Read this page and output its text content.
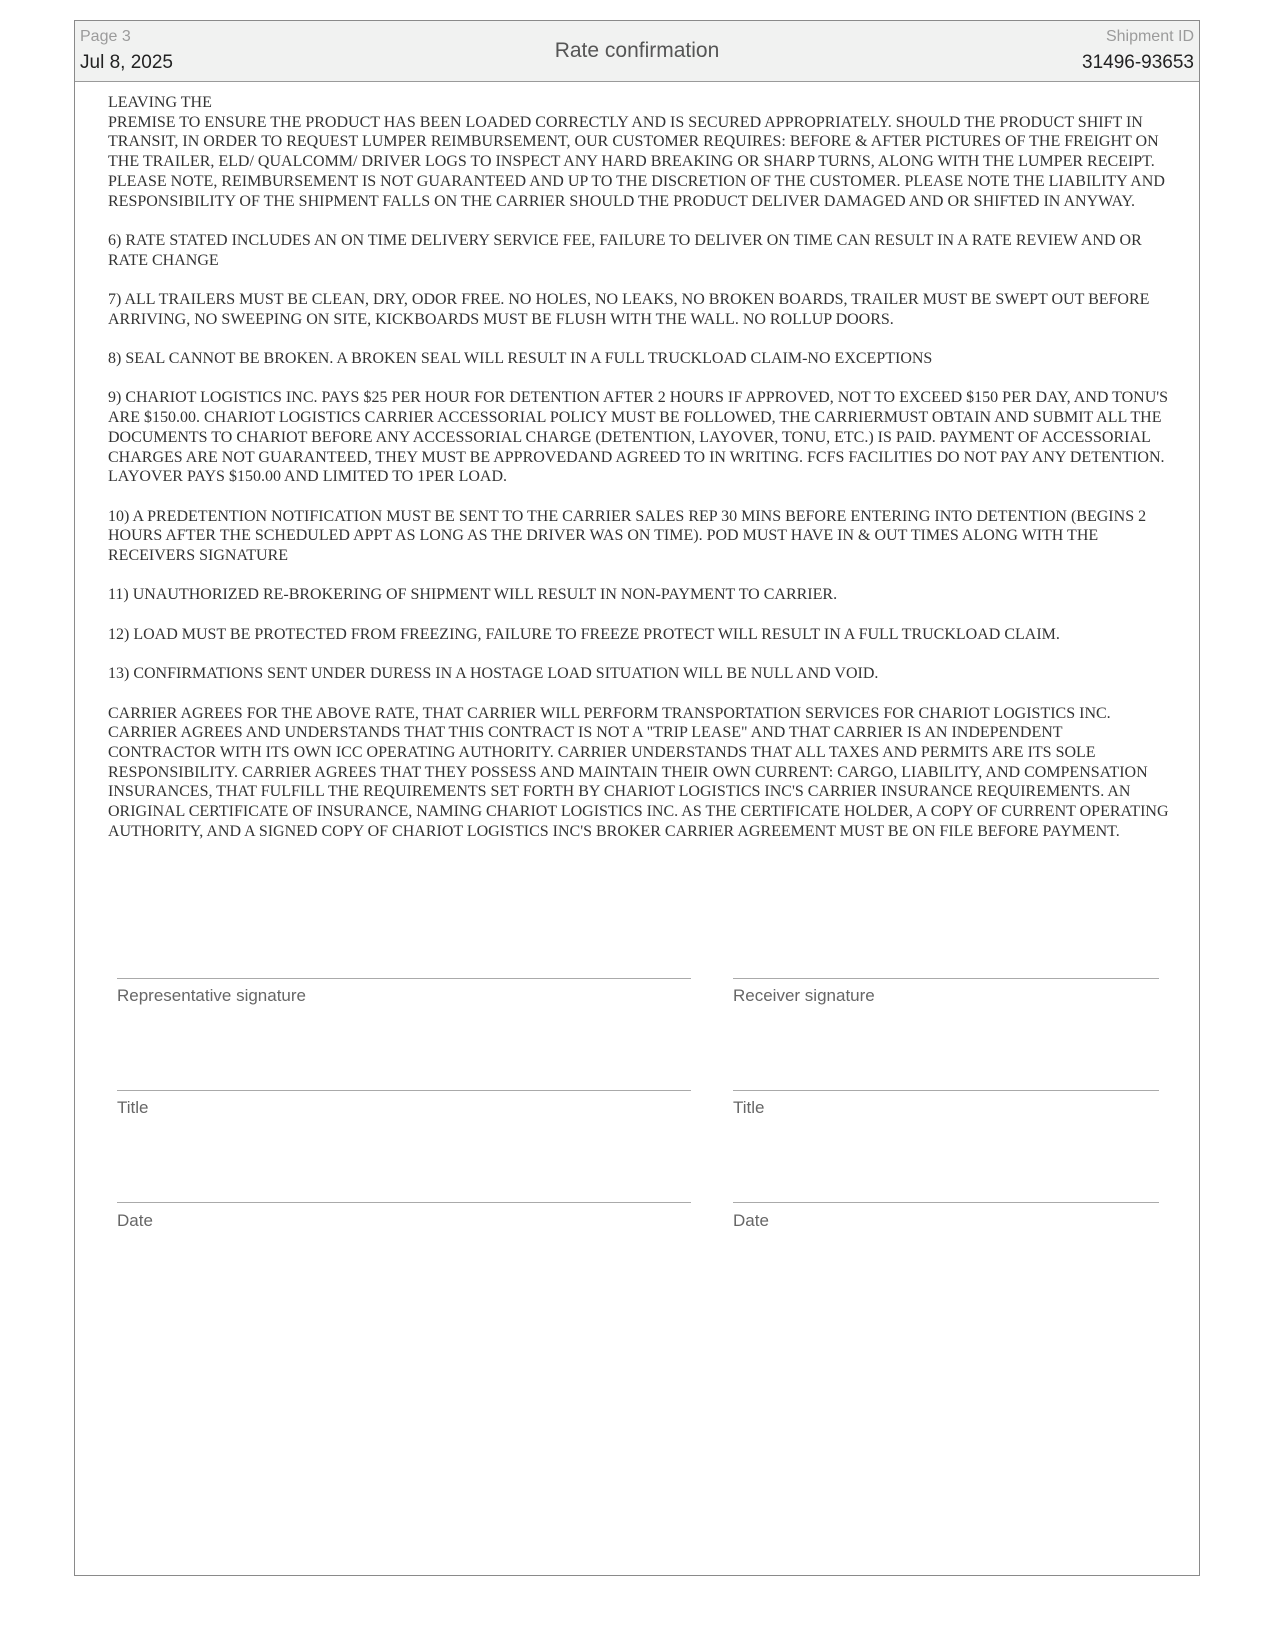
Page 3
Jul 8, 2025
Rate confirmation
Shipment ID
31496-93653

LEAVING THE

PREMISE TO ENSURE THE PRODUCT HAS BEEN LOADED CORRECTLY AND IS SECURED APPROPRIATELY. SHOULD THE PRODUCT SHIFT IN TRANSIT, IN ORDER TO REQUEST LUMPER REIMBURSEMENT, OUR CUSTOMER REQUIRES: BEFORE & AFTER PICTURES OF THE FREIGHT ON THE TRAILER, ELD/ QUALCOMM/ DRIVER LOGS TO INSPECT ANY HARD BREAKING OR SHARP TURNS, ALONG WITH THE LUMPER RECEIPT. PLEASE NOTE, REIMBURSEMENT IS NOT GUARANTEED AND UP TO THE DISCRETION OF THE CUSTOMER. PLEASE NOTE THE LIABILITY AND RESPONSIBILITY OF THE SHIPMENT FALLS ON THE CARRIER SHOULD THE PRODUCT DELIVER DAMAGED AND OR SHIFTED IN ANYWAY.

6) RATE STATED INCLUDES AN ON TIME DELIVERY SERVICE FEE, FAILURE TO DELIVER ON TIME CAN RESULT IN A RATE REVIEW AND OR RATE CHANGE

7) ALL TRAILERS MUST BE CLEAN, DRY, ODOR FREE. NO HOLES, NO LEAKS, NO BROKEN BOARDS, TRAILER MUST BE SWEPT OUT BEFORE ARRIVING, NO SWEEPING ON SITE, KICKBOARDS MUST BE FLUSH WITH THE WALL. NO ROLLUP DOORS.

8) SEAL CANNOT BE BROKEN. A BROKEN SEAL WILL RESULT IN A FULL TRUCKLOAD CLAIM-NO EXCEPTIONS

9) CHARIOT LOGISTICS INC. PAYS $25 PER HOUR FOR DETENTION AFTER 2 HOURS IF APPROVED, NOT TO EXCEED $150 PER DAY, AND TONU'S ARE $150.00. CHARIOT LOGISTICS CARRIER ACCESSORIAL POLICY MUST BE FOLLOWED, THE CARRIERMUST OBTAIN AND SUBMIT ALL THE DOCUMENTS TO CHARIOT BEFORE ANY ACCESSORIAL CHARGE (DETENTION, LAYOVER, TONU, ETC.) IS PAID. PAYMENT OF ACCESSORIAL CHARGES ARE NOT GUARANTEED, THEY MUST BE APPROVEDAND AGREED TO IN WRITING. FCFS FACILITIES DO NOT PAY ANY DETENTION. LAYOVER PAYS $150.00 AND LIMITED TO 1PER LOAD.

10) A PREDETENTION NOTIFICATION MUST BE SENT TO THE CARRIER SALES REP 30 MINS BEFORE ENTERING INTO DETENTION (BEGINS 2 HOURS AFTER THE SCHEDULED APPT AS LONG AS THE DRIVER WAS ON TIME). POD MUST HAVE IN & OUT TIMES ALONG WITH THE RECEIVERS SIGNATURE

11) UNAUTHORIZED RE-BROKERING OF SHIPMENT WILL RESULT IN NON-PAYMENT TO CARRIER.

12) LOAD MUST BE PROTECTED FROM FREEZING, FAILURE TO FREEZE PROTECT WILL RESULT IN A FULL TRUCKLOAD CLAIM.

13) CONFIRMATIONS SENT UNDER DURESS IN A HOSTAGE LOAD SITUATION WILL BE NULL AND VOID.

CARRIER AGREES FOR THE ABOVE RATE, THAT CARRIER WILL PERFORM TRANSPORTATION SERVICES FOR CHARIOT LOGISTICS INC. CARRIER AGREES AND UNDERSTANDS THAT THIS CONTRACT IS NOT A "TRIP LEASE" AND THAT CARRIER IS AN INDEPENDENT CONTRACTOR WITH ITS OWN ICC OPERATING AUTHORITY. CARRIER UNDERSTANDS THAT ALL TAXES AND PERMITS ARE ITS SOLE RESPONSIBILITY. CARRIER AGREES THAT THEY POSSESS AND MAINTAIN THEIR OWN CURRENT: CARGO, LIABILITY, AND COMPENSATION INSURANCES, THAT FULFILL THE REQUIREMENTS SET FORTH BY CHARIOT LOGISTICS INC'S CARRIER INSURANCE REQUIREMENTS. AN ORIGINAL CERTIFICATE OF INSURANCE, NAMING CHARIOT LOGISTICS INC. AS THE CERTIFICATE HOLDER, A COPY OF CURRENT OPERATING AUTHORITY, AND A SIGNED COPY OF CHARIOT LOGISTICS INC'S BROKER CARRIER AGREEMENT MUST BE ON FILE BEFORE PAYMENT.

Representative signature
Title
Date
Receiver signature
Title
Date
